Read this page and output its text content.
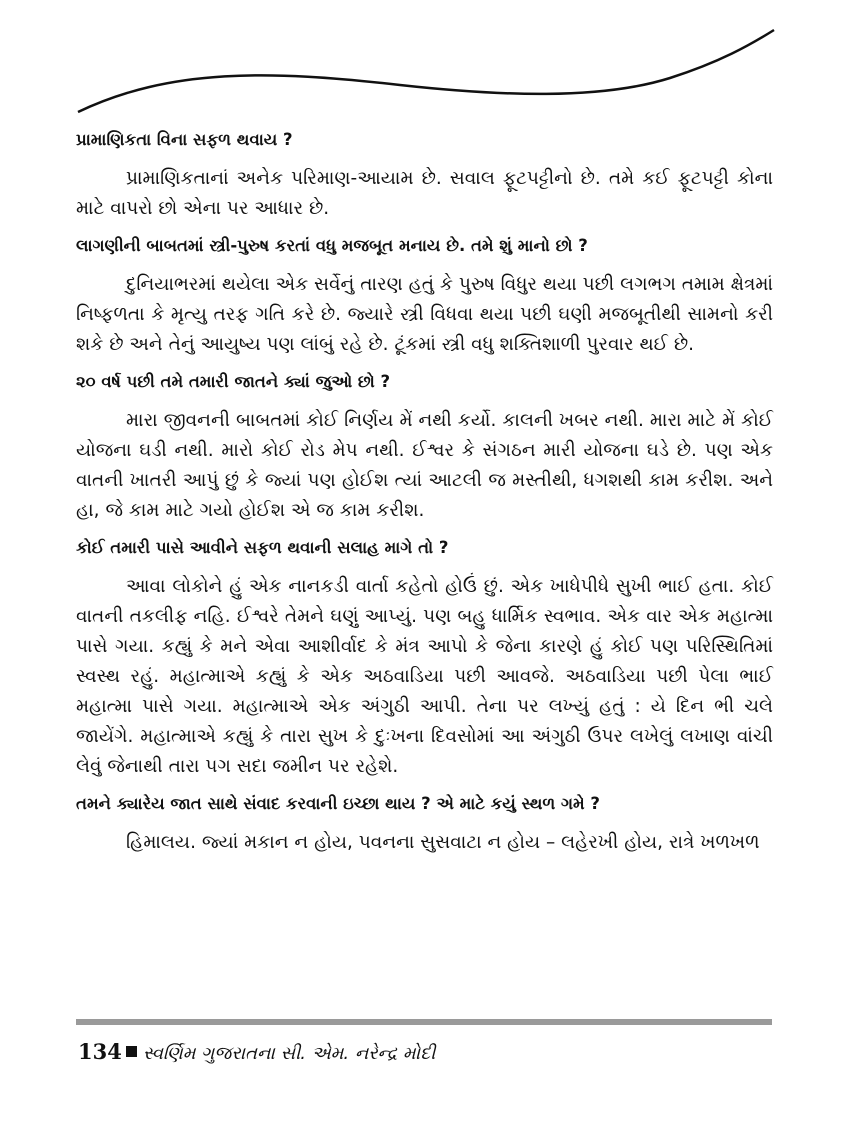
પ્રામાણિકતા વિના સફળ થવાય ?

પ્રામાણિકતાનાં અનેક પરિમાણ-આયામ છે. સવાલ ફૂટપટ્ટીનો છે. તમે કઈ ફૂટપટ્ટી કોના માટે વાપરો છો એના પર આધાર છે.

લાગણીની બાબતમાં સ્ત્રી-પુરુષ કરતાં વધુ મજબૂત મનાય છે. તમે શું માનો છો ?

દુનિયાભરમાં થયેલા એક સર્વેનું તારણ હતું કે પુરુષ વિધુર થયા પછી લગભગ તમામ ક્ષેત્રમાં નિષ્ફળતા કે મૃત્યુ તરફ ગતિ કરે છે. જ્યારે સ્ત્રી વિધવા થયા પછી ઘણી મજબૂતીથી સામનો કરી શકે છે અને તેનું આયુષ્ય પણ લાંબું રહે છે. ટૂંકમાં સ્ત્રી વધુ શક્તિશાળી પુરવાર થઈ છે.

૨૦ વર્ષ પછી તમે તમારી જાતને ક્યાં જુઓ છો ?

મારા જીવનની બાબતમાં કોઈ નિર્ણય મેં નથી કર્યો. કાલની ખબર નથી. મારા માટે મેં કોઈ યોજના ઘડી નથી. મારો કોઈ રોડ મેપ નથી. ઈશ્વર કે સંગઠન મારી યોજના ઘડે છે. પણ એક વાતની ખાતરી આપું છું કે જ્યાં પણ હોઈશ ત્યાં આટલી જ મસ્તીથી, ધગશથી કામ કરીશ. અને હા, જે કામ માટે ગયો હોઈશ એ જ કામ કરીશ.

કોઈ તમારી પાસે આવીને સફળ થવાની સલાહ માગે તો ?

આવા લોકોને હું એક નાનકડી વાર્તા કહેતો હોઉં છું. એક ખાધેપીધે સુખી ભાઈ હતા. કોઈ વાતની તકલીફ નહિ. ઈશ્વરે તેમને ઘણું આપ્યું. પણ બહુ ધાર્મિક સ્વભાવ. એક વાર એક મહાત્મા પાસે ગયા. કહ્યું કે મને એવા આશીર્વાદ કે મંત્ર આપો કે જેના કારણે હું કોઈ પણ પરિસ્થિતિમાં સ્વસ્થ રહું. મહાત્માએ કહ્યું કે એક અઠવાડિયા પછી આવજે. અઠવાડિયા પછી પેલા ભાઈ મહાત્મા પાસે ગયા. મહાત્માએ એક અંગુઠી આપી. તેના પર લખ્યું હતું : યે દિન ભી ચલે જાયેંગે. મહાત્માએ કહ્યું કે તારા સુખ કે દુઃખના દિવસોમાં આ અંગુઠી ઉપર લખેલું લખાણ વાંચી લેવું જેનાથી તારા પગ સદા જમીન પર રહેશે.

તમને ક્યારેય જાત સાથે સંવાદ કરવાની ઇચ્છા થાય ? એ માટે કયું સ્થળ ગમે ?

હિમાલય. જ્યાં મકાન ન હોય, પવનના સુસવાટા ન હોય – લહેરખી હોય, રાત્રે ખળખળ

134 સ્વર્ણિમ ગુજરાતના સી. એમ. નરેન્દ્ર મોદી
